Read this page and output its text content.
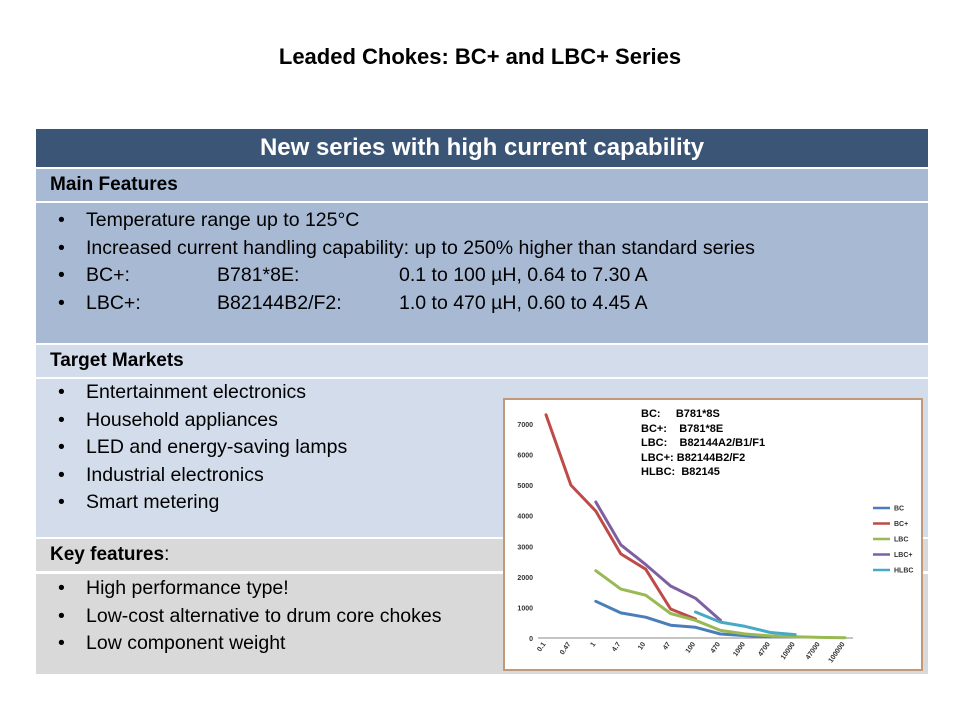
Leaded Chokes: BC+ and LBC+ Series
New series with high current capability
Main Features
• Temperature range up to 125°C
• Increased current handling capability: up to 250% higher than standard series
• BC+:	B781*8E:	0.1 to 100 µH, 0.64 to 7.30 A
• LBC+:	B82144B2/F2:	1.0 to 470 µH, 0.60 to 4.45 A
Target Markets
• Entertainment electronics
• Household appliances
• LED and energy-saving lamps
• Industrial electronics
• Smart metering
Key features:
• High performance type!
• Low-cost alternative to drum core chokes
• Low component weight	0
1000
2000
3000
4000
5000
6000
7000
0.1 0.47 1 4.7 10 47 100 470 1000 4700 10000 47000 100000
BC
BC+
LBC
LBC+
HLBC
BC:     B781*8S
BC+:    B781*8E
LBC:    B82144A2/B1/F1
LBC+: B82144B2/F2
HLBC:  B82145
